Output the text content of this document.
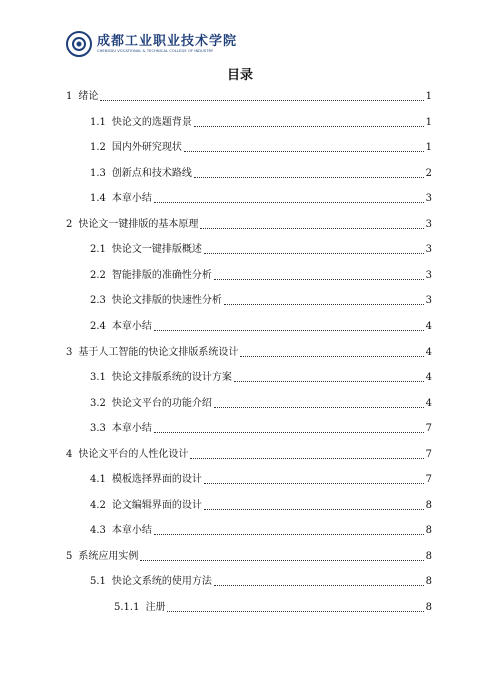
成都工业职业技术学院
CHENGDU VOCATIONAL & TECHNICAL COLLEGE OF INDUSTRY
目录
1 绪论	1
1.1 快论文的选题背景	1
1.2 国内外研究现状	1
1.3 创新点和技术路线	2
1.4 本章小结	3
2 快论文一键排版的基本原理	3
2.1 快论文一键排版概述	3
2.2 智能排版的准确性分析	3
2.3 快论文排版的快速性分析	3
2.4 本章小结	4
3 基于人工智能的快论文排版系统设计	4
3.1 快论文排版系统的设计方案	4
3.2 快论文平台的功能介绍	4
3.3 本章小结	7
4 快论文平台的人性化设计	7
4.1 模板选择界面的设计	7
4.2 论文编辑界面的设计	8
4.3 本章小结	8
5 系统应用实例	8
5.1 快论文系统的使用方法	8
5.1.1 注册	8
